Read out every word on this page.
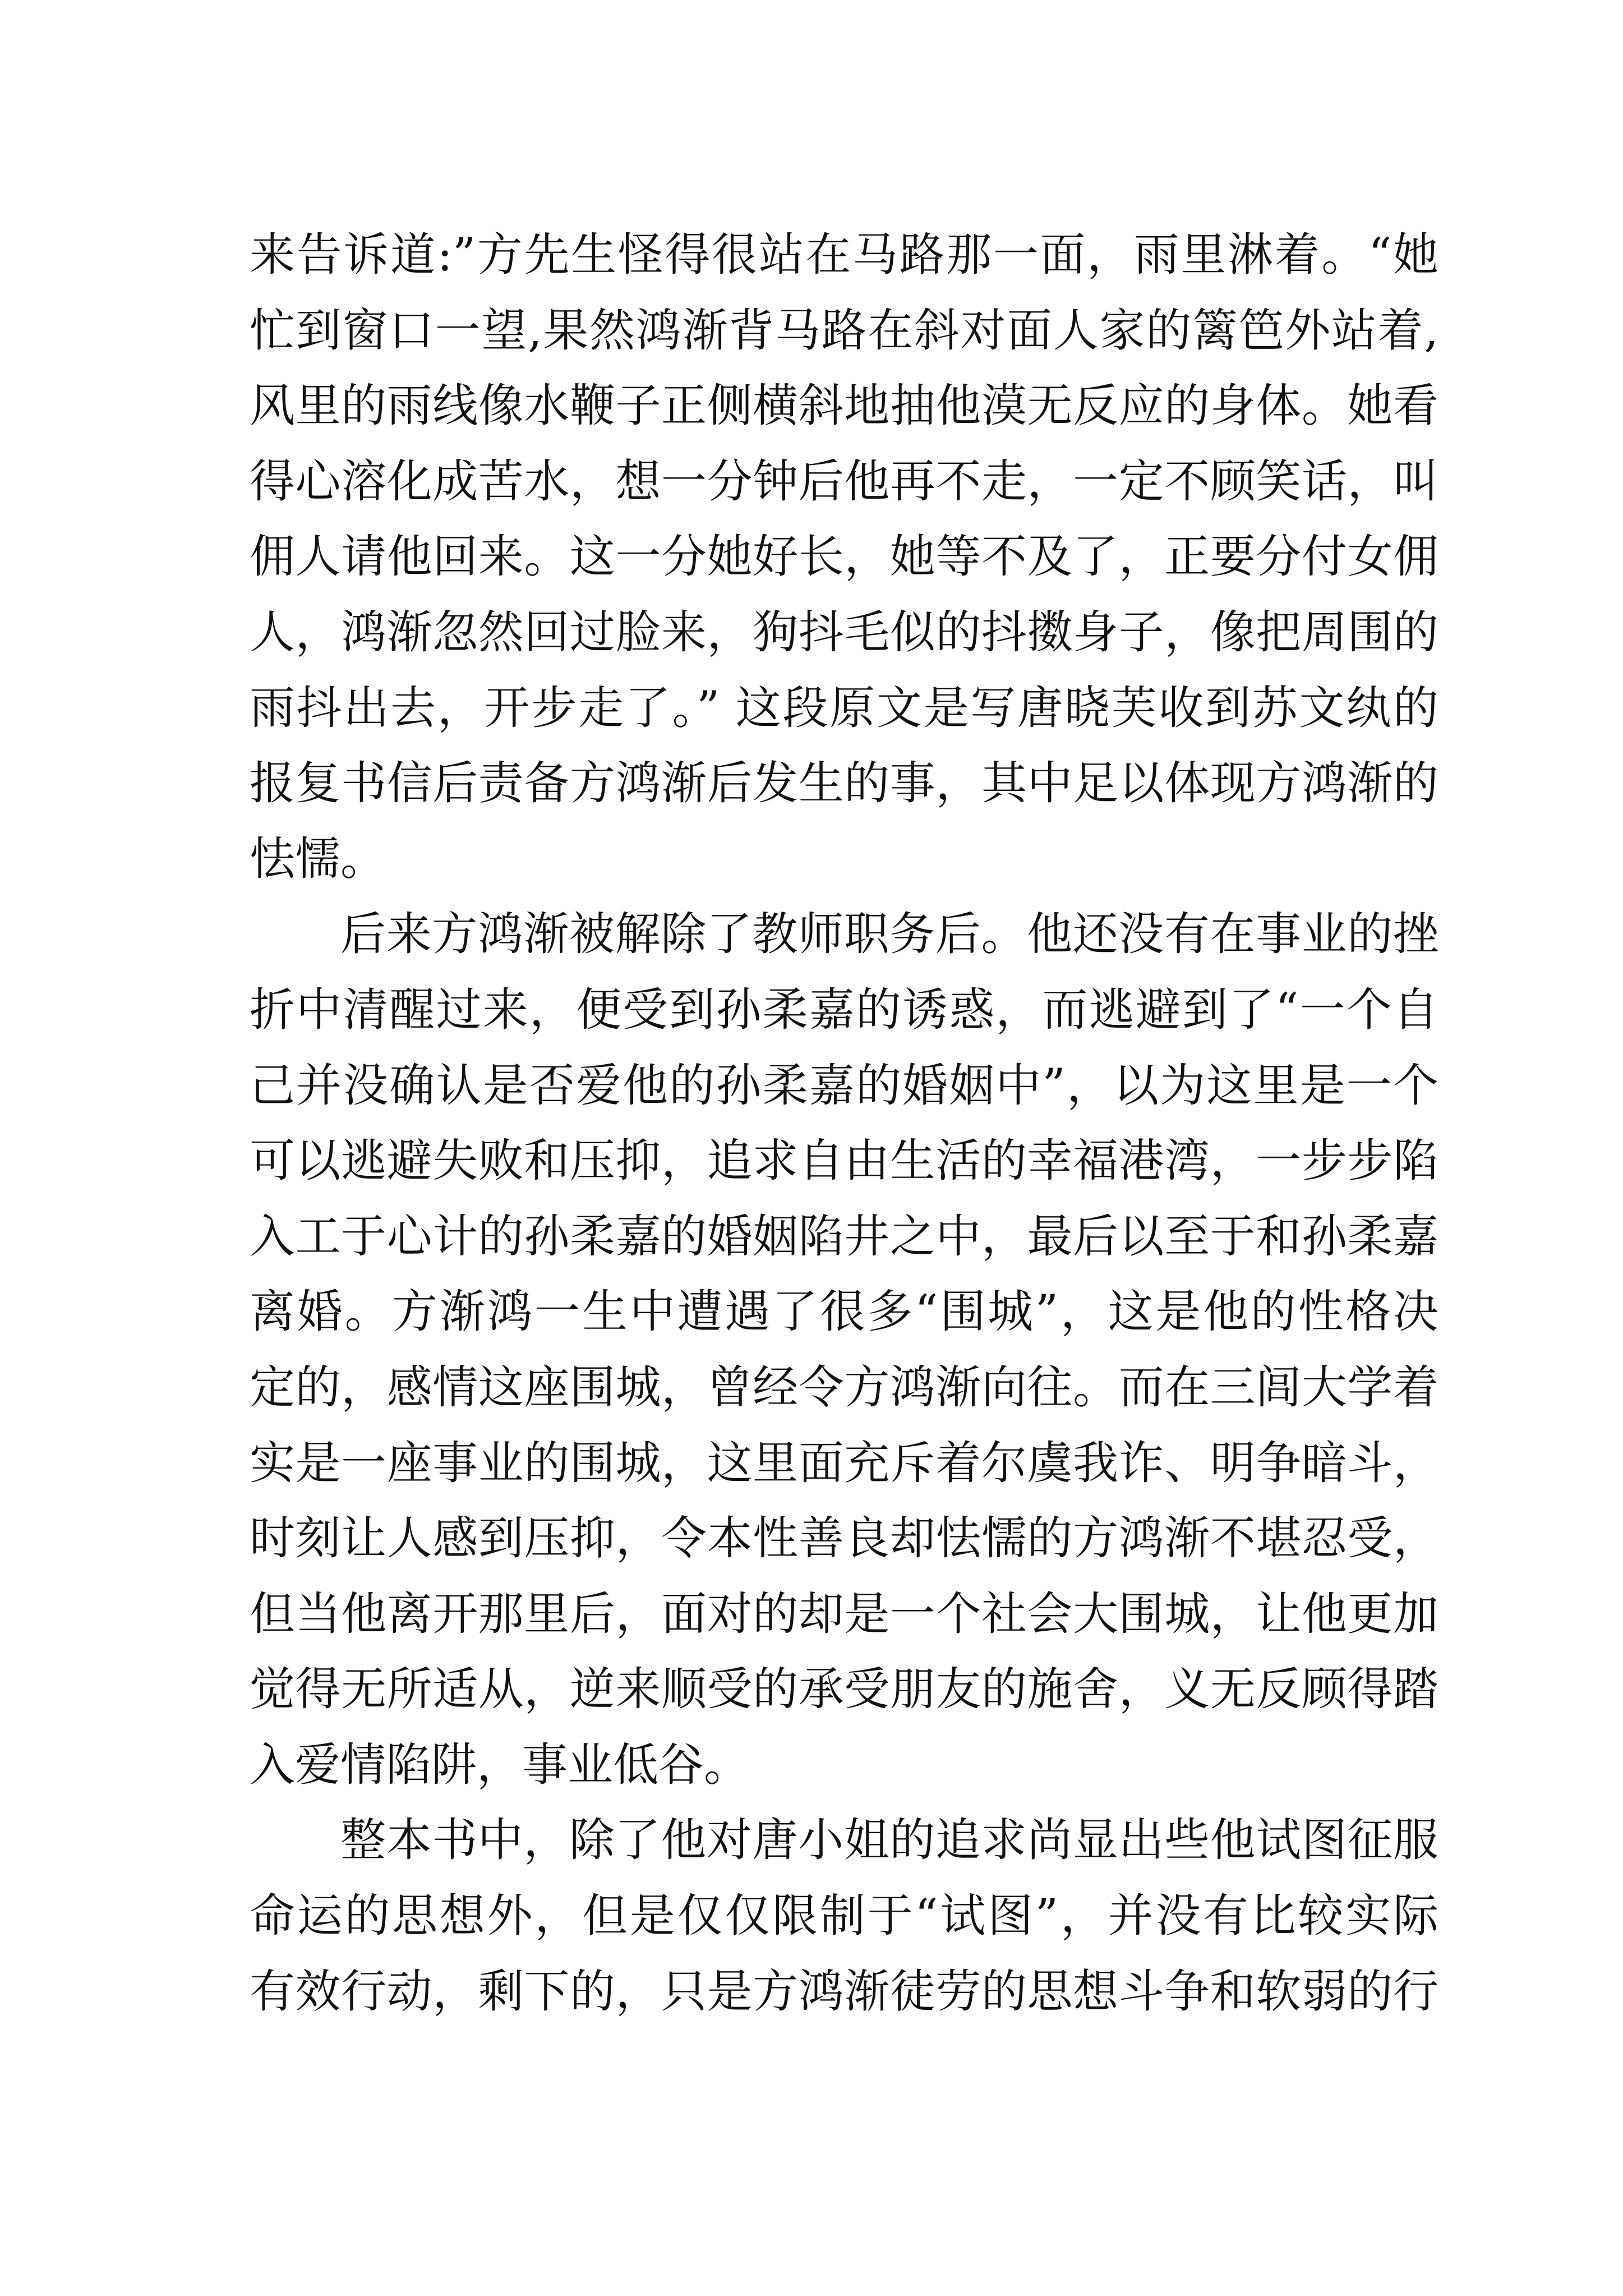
来告诉道:”方先生怪得很站在马路那一面，雨里淋着。“她
忙到窗口一望,果然鸿渐背马路在斜对面人家的篱笆外站着,
风里的雨线像水鞭子正侧横斜地抽他漠无反应的身体。她看
得心溶化成苦水，想一分钟后他再不走，一定不顾笑话，叫
佣人请他回来。这一分她好长，她等不及了，正要分付女佣
人，鸿渐忽然回过脸来，狗抖毛似的抖擞身子，像把周围的
雨抖出去，开步走了。” 这段原文是写唐晓芙收到苏文纨的
报复书信后责备方鸿渐后发生的事，其中足以体现方鸿渐的
怯懦。
后来方鸿渐被解除了教师职务后。他还没有在事业的挫
折中清醒过来，便受到孙柔嘉的诱惑，而逃避到了“一个自
己并没确认是否爱他的孙柔嘉的婚姻中”，以为这里是一个
可以逃避失败和压抑，追求自由生活的幸福港湾，一步步陷
入工于心计的孙柔嘉的婚姻陷井之中，最后以至于和孙柔嘉
离婚。方渐鸿一生中遭遇了很多“围城”，这是他的性格决
定的，感情这座围城，曾经令方鸿渐向往。而在三闾大学着
实是一座事业的围城，这里面充斥着尔虞我诈、明争暗斗，
时刻让人感到压抑，令本性善良却怯懦的方鸿渐不堪忍受，
但当他离开那里后，面对的却是一个社会大围城，让他更加
觉得无所适从，逆来顺受的承受朋友的施舍，义无反顾得踏
入爱情陷阱，事业低谷。
整本书中，除了他对唐小姐的追求尚显出些他试图征服
命运的思想外，但是仅仅限制于“试图”，并没有比较实际
有效行动，剩下的，只是方鸿渐徒劳的思想斗争和软弱的行
